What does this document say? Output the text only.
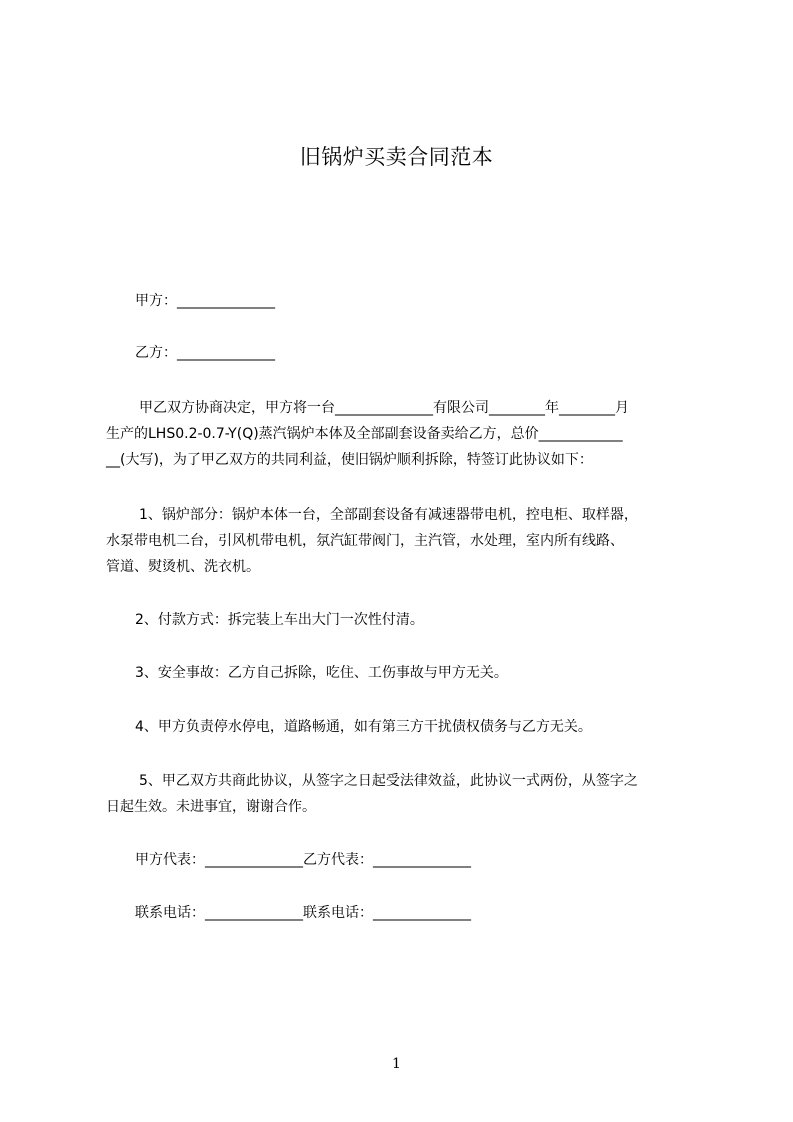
旧锅炉买卖合同范本
甲方：______________
乙方：______________
甲乙双方协商决定，甲方将一台______________有限公司________年________月
生产的LHS0.2-0.7-Y(Q)蒸汽锅炉本体及全部副套设备卖给乙方，总价____________
__(大写)，为了甲乙双方的共同利益，使旧锅炉顺利拆除，特签订此协议如下：
1、锅炉部分：锅炉本体一台，全部副套设备有减速器带电机，控电柜、取样器，
水泵带电机二台，引风机带电机，氛汽缸带阀门，主汽管，水处理，室内所有线路、
管道、熨烫机、洗衣机。
2、付款方式：拆完装上车出大门一次性付清。
3、安全事故：乙方自己拆除，吃住、工伤事故与甲方无关。
4、甲方负责停水停电，道路畅通，如有第三方干扰债权债务与乙方无关。
5、甲乙双方共商此协议，从签字之日起受法律效益，此协议一式两份，从签字之
日起生效。未进事宜，谢谢合作。
甲方代表：______________乙方代表：______________
联系电话：______________联系电话：______________
1
